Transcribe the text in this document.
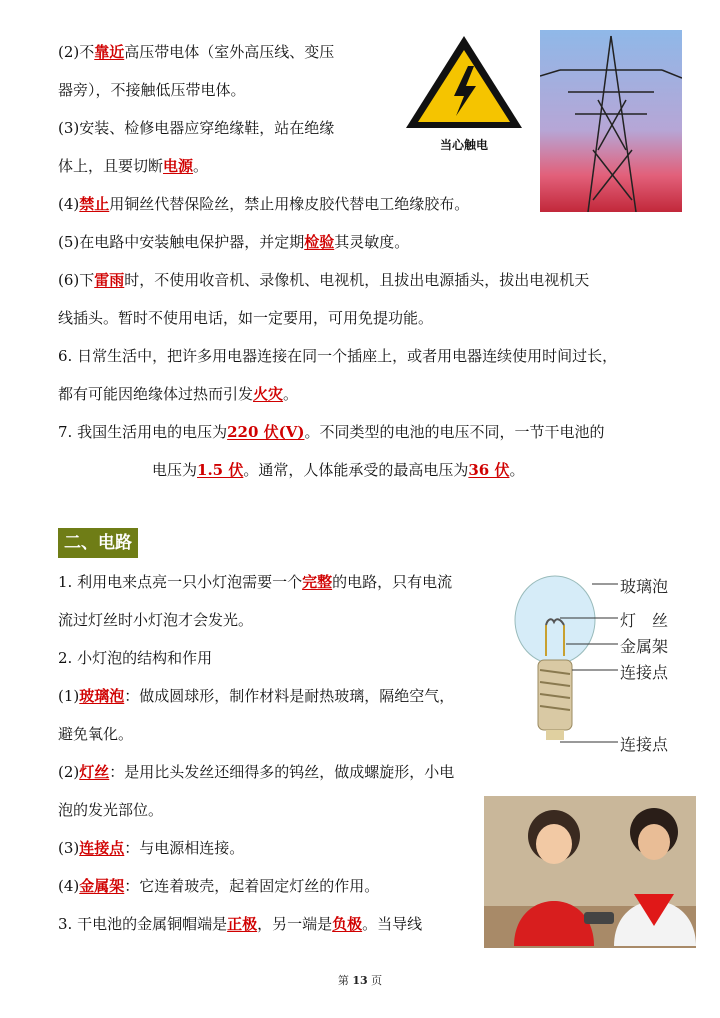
(2)不靠近高压带电体（室外高压线、变压
器旁），不接触低压带电体。
(3)安装、检修电器应穿绝缘鞋，站在绝缘
体上，且要切断电源。
(4)禁止用铜丝代替保险丝，禁止用橡皮胶代替电工绝缘胶布。
(5)在电路中安装触电保护器，并定期检验其灵敏度。
(6)下雷雨时，不使用收音机、录像机、电视机，且拔出电源插头，拔出电视机天
线插头。暂时不使用电话，如一定要用，可用免提功能。
6. 日常生活中，把许多用电器连接在同一个插座上，或者用电器连续使用时间过长，
都有可能因绝缘体过热而引发火灾。
7. 我国生活用电的电压为220 伏(V)。不同类型的电池的电压不同，一节干电池的
电压为1.5 伏。通常，人体能承受的最高电压为36 伏。
二、电路
1. 利用电来点亮一只小灯泡需要一个完整的电路，只有电流
流过灯丝时小灯泡才会发光。
2. 小灯泡的结构和作用
(1)玻璃泡：做成圆球形，制作材料是耐热玻璃，隔绝空气，
避免氧化。
(2)灯丝：是用比头发丝还细得多的钨丝，做成螺旋形，小电
泡的发光部位。
(3)连接点：与电源相连接。
(4)金属架：它连着玻壳，起着固定灯丝的作用。
3. 干电池的金属铜帽端是正极，另一端是负极。当导线
当心触电
玻璃泡
灯　丝
金属架
连接点
连接点
第 13 页
